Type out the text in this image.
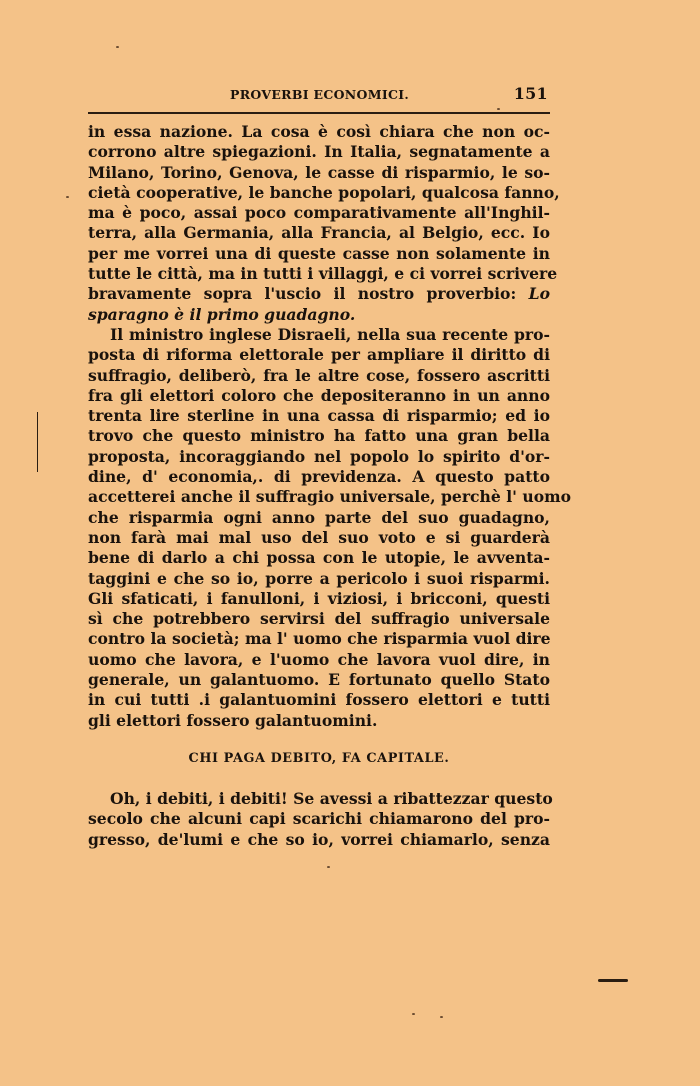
PROVERBI ECONOMICI.	151
in essa nazione. La cosa è così chiara che non oc-
corrono altre spiegazioni. In Italia, segnatamente a
Milano, Torino, Genova, le casse di risparmio, le so-
cietà cooperative, le banche popolari, qualcosa fanno,
ma è poco, assai poco comparativamente all'Inghil-
terra, alla Germania, alla Francia, al Belgio, ecc. Io
per me vorrei una di queste casse non solamente in
tutte le città, ma in tutti i villaggi, e ci vorrei scrivere
bravamente sopra l'uscio il nostro proverbio: Lo
sparagno è il primo guadagno.
Il ministro inglese Disraeli, nella sua recente pro-
posta di riforma elettorale per ampliare il diritto di
suffragio, deliberò, fra le altre cose, fossero ascritti
fra gli elettori coloro che depositeranno in un anno
trenta lire sterline in una cassa di risparmio; ed io
trovo che questo ministro ha fatto una gran bella
proposta, incoraggiando nel popolo lo spirito d'or-
dine, d' economia,. di previdenza. A questo patto
accetterei anche il suffragio universale, perchè l' uomo
che risparmia ogni anno parte del suo guadagno,
non farà mai mal uso del suo voto e si guarderà
bene di darlo a chi possa con le utopie, le avventa-
taggini e che so io, porre a pericolo i suoi risparmi.
Gli sfaticati, i fanulloni, i viziosi, i bricconi, questi
sì che potrebbero servirsi del suffragio universale
contro la società; ma l' uomo che risparmia vuol dire
uomo che lavora, e l'uomo che lavora vuol dire, in
generale, un galantuomo. E fortunato quello Stato
in cui tutti .i galantuomini fossero elettori e tutti
gli elettori fossero galantuomini.
CHI PAGA DEBITO, FA CAPITALE.
Oh, i debiti, i debiti! Se avessi a ribattezzar questo
secolo che alcuni capi scarichi chiamarono del pro-
gresso, de'lumi e che so io, vorrei chiamarlo, senza
